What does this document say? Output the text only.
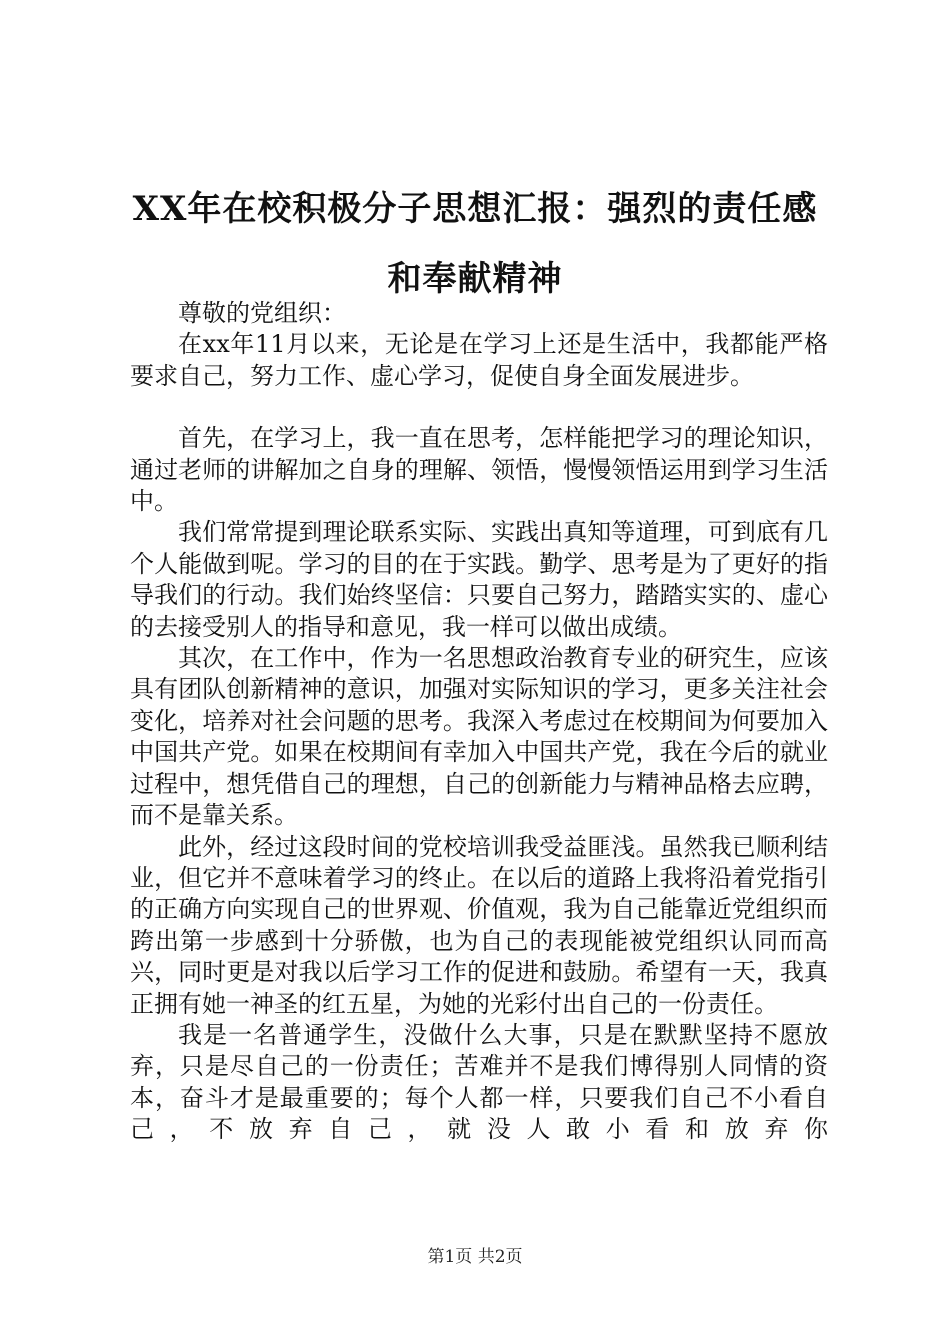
XX年在校积极分子思想汇报：强烈的责任感
和奉献精神

尊敬的党组织：

在xx年11月以来，无论是在学习上还是生活中，我都能严格要求自己，努力工作、虚心学习，促使自身全面发展进步。

首先，在学习上，我一直在思考，怎样能把学习的理论知识，通过老师的讲解加之自身的理解、领悟，慢慢领悟运用到学习生活中。

我们常常提到理论联系实际、实践出真知等道理，可到底有几个人能做到呢。学习的目的在于实践。勤学、思考是为了更好的指导我们的行动。我们始终坚信：只要自己努力，踏踏实实的、虚心的去接受别人的指导和意见，我一样可以做出成绩。

其次，在工作中，作为一名思想政治教育专业的研究生，应该具有团队创新精神的意识，加强对实际知识的学习，更多关注社会变化，培养对社会问题的思考。我深入考虑过在校期间为何要加入中国共产党。如果在校期间有幸加入中国共产党，我在今后的就业过程中，想凭借自己的理想，自己的创新能力与精神品格去应聘，而不是靠关系。

此外，经过这段时间的党校培训我受益匪浅。虽然我已顺利结业，但它并不意味着学习的终止。在以后的道路上我将沿着党指引的正确方向实现自己的世界观、价值观，我为自己能靠近党组织而跨出第一步感到十分骄傲，也为自己的表现能被党组织认同而高兴，同时更是对我以后学习工作的促进和鼓励。希望有一天，我真正拥有她一神圣的红五星，为她的光彩付出自己的一份责任。

我是一名普通学生，没做什么大事，只是在默默坚持不愿放弃，只是尽自己的一份责任；苦难并不是我们博得别人同情的资本，奋斗才是最重要的；每个人都一样，只要我们自己不小看自己，不放弃自己，就没人敢小看和放弃你

第1页 共2页
